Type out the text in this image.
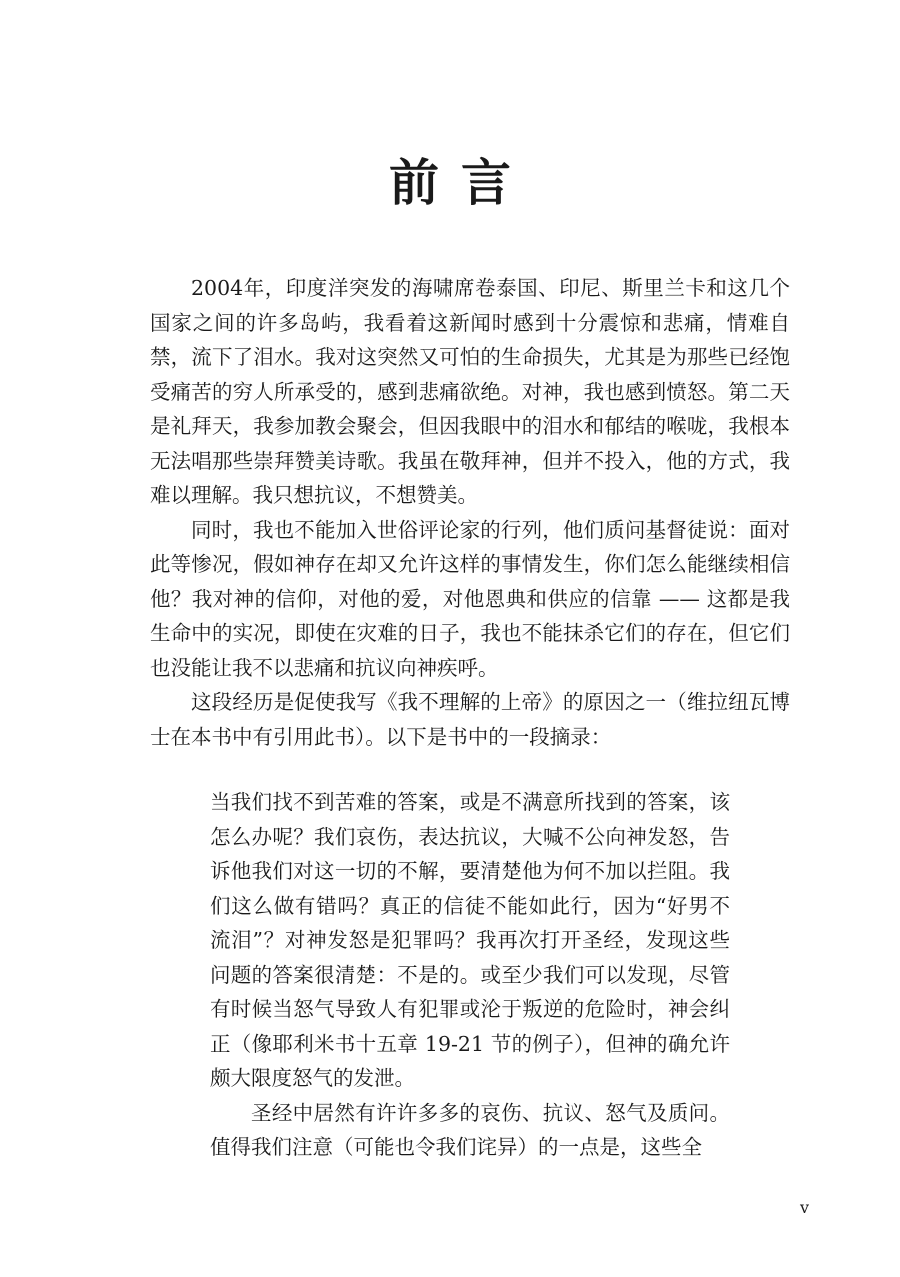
前言

2004年，印度洋突发的海啸席卷泰国、印尼、斯里兰卡和这几个国家之间的许多岛屿，我看着这新闻时感到十分震惊和悲痛，情难自禁，流下了泪水。我对这突然又可怕的生命损失，尤其是为那些已经饱受痛苦的穷人所承受的，感到悲痛欲绝。对神，我也感到愤怒。第二天是礼拜天，我参加教会聚会，但因我眼中的泪水和郁结的喉咙，我根本无法唱那些崇拜赞美诗歌。我虽在敬拜神，但并不投入，他的方式，我难以理解。我只想抗议，不想赞美。

同时，我也不能加入世俗评论家的行列，他们质问基督徒说：面对此等惨况，假如神存在却又允许这样的事情发生，你们怎么能继续相信他？我对神的信仰，对他的爱，对他恩典和供应的信靠 —— 这都是我生命中的实况，即使在灾难的日子，我也不能抹杀它们的存在，但它们也没能让我不以悲痛和抗议向神疾呼。

这段经历是促使我写《我不理解的上帝》的原因之一（维拉纽瓦博士在本书中有引用此书）。以下是书中的一段摘录：

当我们找不到苦难的答案，或是不满意所找到的答案，该怎么办呢？我们哀伤，表达抗议，大喊不公向神发怒，告诉他我们对这一切的不解，要清楚他为何不加以拦阻。我们这么做有错吗？真正的信徒不能如此行，因为“好男不流泪”？对神发怒是犯罪吗？我再次打开圣经，发现这些问题的答案很清楚：不是的。或至少我们可以发现，尽管有时候当怒气导致人有犯罪或沦于叛逆的危险时，神会纠正（像耶利米书十五章 19-21 节的例子），但神的确允许颇大限度怒气的发泄。

圣经中居然有许许多多的哀伤、抗议、怒气及质问。值得我们注意（可能也令我们诧异）的一点是，这些全

v
